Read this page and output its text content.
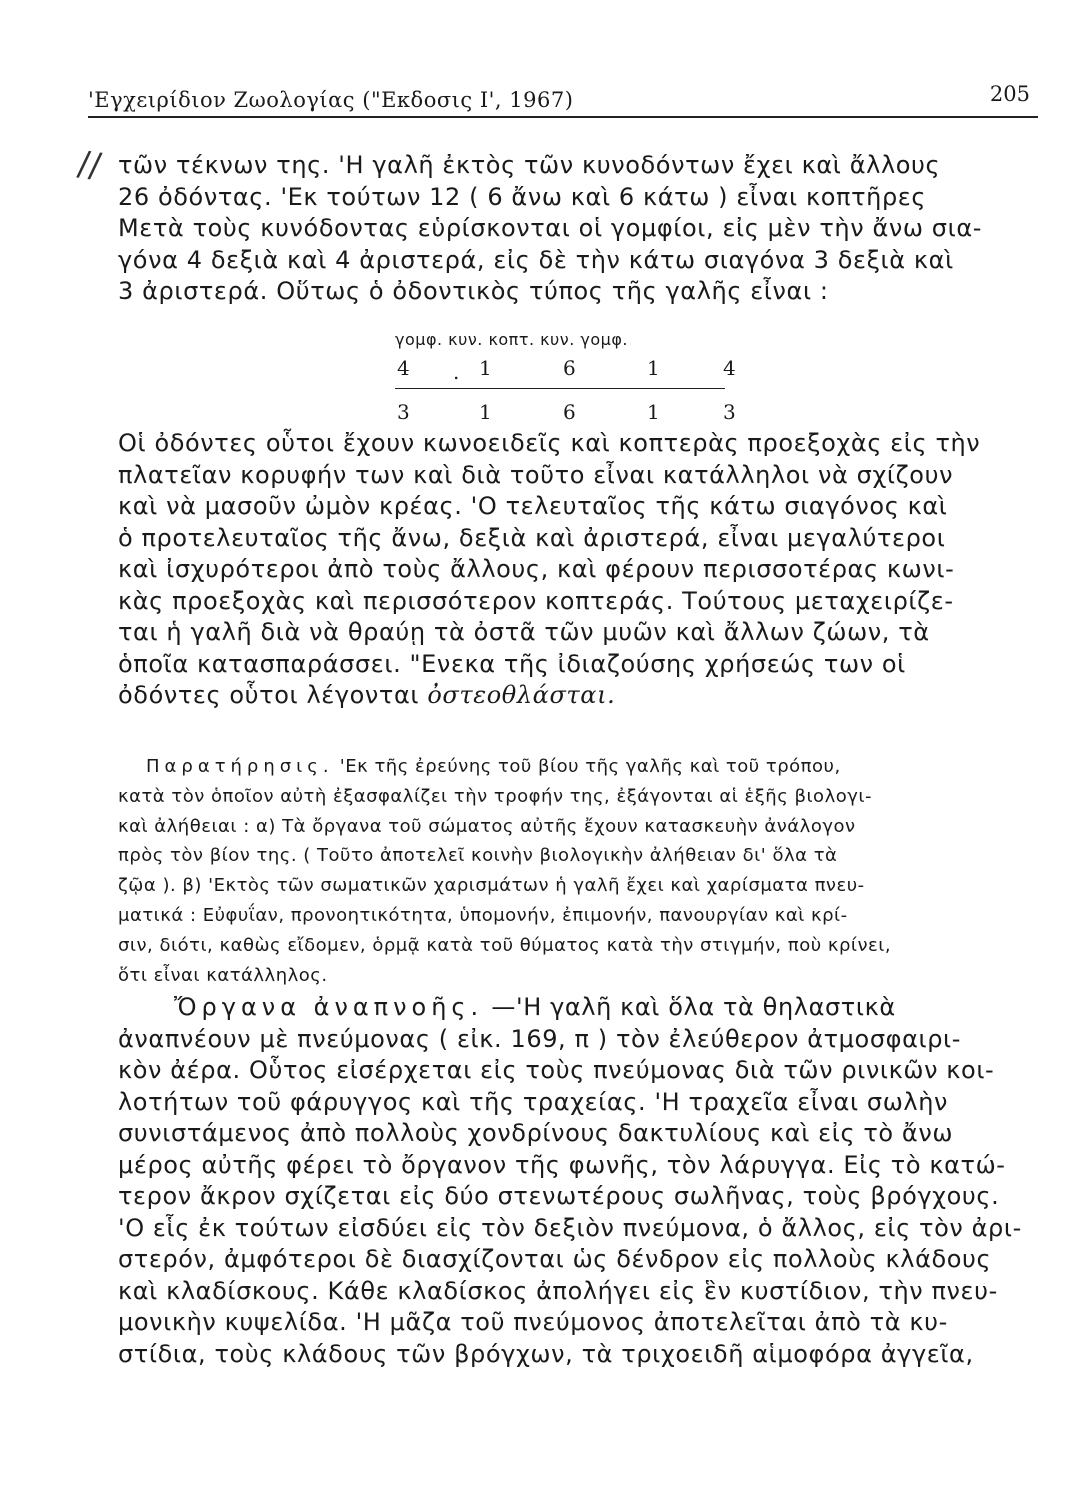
'Εγχειρίδιον Ζωολογίας ("Εκδοσις Ι', 1967)	205
// τῶν τέκνων της. 'Η γαλῆ ἐκτὸς τῶν κυνοδόντων ἔχει καὶ ἄλλους
26 ὀδόντας. 'Εκ τούτων 12 ( 6 ἄνω καὶ 6 κάτω ) εἶναι κοπτῆρες
Μετὰ τοὺς κυνόδοντας εὑρίσκονται οἱ γομφίοι, εἰς μὲν τὴν ἄνω σια-
γόνα 4 δεξιὰ καὶ 4 ἀριστερά, εἰς δὲ τὴν κάτω σιαγόνα 3 δεξιὰ καὶ
3 ἀριστερά. Οὕτως ὁ ὀδοντικὸς τύπος τῆς γαλῆς εἶναι :
γομφ. κυν. κοπτ. κυν. γομφ.
4 . 1	6	1	4
3	1	6	1	3
Οἱ ὀδόντες οὗτοι ἔχουν κωνοειδεῖς καὶ κοπτερὰς προεξοχὰς εἰς τὴν
πλατεῖαν κορυφήν των καὶ διὰ τοῦτο εἶναι κατάλληλοι νὰ σχίζουν
καὶ νὰ μασοῦν ὠμὸν κρέας. 'Ο τελευταῖος τῆς κάτω σιαγόνος καὶ
ὁ προτελευταῖος τῆς ἄνω, δεξιὰ καὶ ἀριστερά, εἶναι μεγαλύτεροι
καὶ ἰσχυρότεροι ἀπὸ τοὺς ἄλλους, καὶ φέρουν περισσοτέρας κωνι-
κὰς προεξοχὰς καὶ περισσότερον κοπτεράς. Τούτους μεταχειρίζε-
ται ἡ γαλῆ διὰ νὰ θραύῃ τὰ ὀστᾶ τῶν μυῶν καὶ ἄλλων ζώων, τὰ
ὁποῖα κατασπαράσσει. "Ενεκα τῆς ἰδιαζούσης χρήσεώς των οἱ
ὀδόντες οὗτοι λέγονται ὀστεοθλάσται.
Παρατήρησις. 'Εκ τῆς ἐρεύνης τοῦ βίου τῆς γαλῆς καὶ τοῦ τρόπου,
κατὰ τὸν ὁποῖον αὐτὴ ἐξασφαλίζει τὴν τροφήν της, ἐξάγονται αἱ ἑξῆς βιολογι-
καὶ ἀλήθειαι : α) Τὰ ὄργανα τοῦ σώματος αὐτῆς ἔχουν κατασκευὴν ἀνάλογον
πρὸς τὸν βίον της. ( Τοῦτο ἀποτελεῖ κοινὴν βιολογικὴν ἀλήθειαν δι' ὅλα τὰ
ζῷα ). β) 'Εκτὸς τῶν σωματικῶν χαρισμάτων ἡ γαλῆ ἔχει καὶ χαρίσματα πνευ-
ματικά : Εὐφυΐαν, προνοητικότητα, ὑπομονήν, ἐπιμονήν, πανουργίαν καὶ κρί-
σιν, διότι, καθὼς εἴδομεν, ὁρμᾷ κατὰ τοῦ θύματος κατὰ τὴν στιγμήν, ποὺ κρίνει,
ὅτι εἶναι κατάλληλος.
Ὄργανα ἀναπνοῆς. —'Η γαλῆ καὶ ὅλα τὰ θηλαστικὰ
ἀναπνέουν μὲ πνεύμονας ( εἰκ. 169, π ) τὸν ἐλεύθερον ἀτμοσφαιρι-
κὸν ἀέρα. Οὗτος εἰσέρχεται εἰς τοὺς πνεύμονας διὰ τῶν ρινικῶν κοι-
λοτήτων τοῦ φάρυγγος καὶ τῆς τραχείας. 'Η τραχεῖα εἶναι σωλὴν
συνιστάμενος ἀπὸ πολλοὺς χονδρίνους δακτυλίους καὶ εἰς τὸ ἄνω
μέρος αὐτῆς φέρει τὸ ὄργανον τῆς φωνῆς, τὸν λάρυγγα. Εἰς τὸ κατώ-
τερον ἄκρον σχίζεται εἰς δύο στενωτέρους σωλῆνας, τοὺς βρόγχους.
'Ο εἷς ἐκ τούτων εἰσδύει εἰς τὸν δεξιὸν πνεύμονα, ὁ ἄλλος, εἰς τὸν ἀρι-
στερόν, ἀμφότεροι δὲ διασχίζονται ὡς δένδρον εἰς πολλοὺς κλάδους
καὶ κλαδίσκους. Κάθε κλαδίσκος ἀπολήγει εἰς ἓν κυστίδιον, τὴν πνευ-
μονικὴν κυψελίδα. 'Η μᾶζα τοῦ πνεύμονος ἀποτελεῖται ἀπὸ τὰ κυ-
στίδια, τοὺς κλάδους τῶν βρόγχων, τὰ τριχοειδῆ αἱμοφόρα ἀγγεῖα,
